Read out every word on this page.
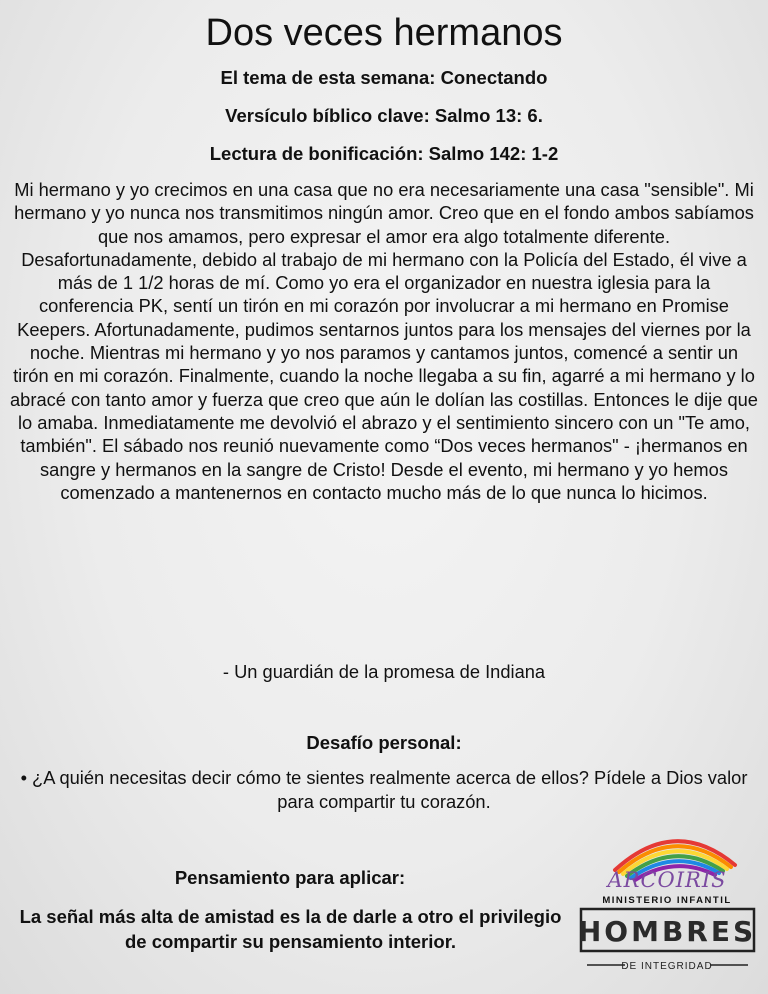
Dos veces hermanos
El tema de esta semana: Conectando
Versículo bíblico clave: Salmo 13: 6.
Lectura de bonificación: Salmo 142: 1-2
Mi hermano y yo crecimos en una casa que no era necesariamente una casa "sensible". Mi hermano y yo nunca nos transmitimos ningún amor. Creo que en el fondo ambos sabíamos que nos amamos, pero expresar el amor era algo totalmente diferente. Desafortunadamente, debido al trabajo de mi hermano con la Policía del Estado, él vive a más de 1 1/2 horas de mí. Como yo era el organizador en nuestra iglesia para la conferencia PK, sentí un tirón en mi corazón por involucrar a mi hermano en Promise Keepers. Afortunadamente, pudimos sentarnos juntos para los mensajes del viernes por la noche. Mientras mi hermano y yo nos paramos y cantamos juntos, comencé a sentir un tirón en mi corazón. Finalmente, cuando la noche llegaba a su fin, agarré a mi hermano y lo abracé con tanto amor y fuerza que creo que aún le dolían las costillas. Entonces le dije que lo amaba. Inmediatamente me devolvió el abrazo y el sentimiento sincero con un "Te amo, también". El sábado nos reunió nuevamente como “Dos veces hermanos" - ¡hermanos en sangre y hermanos en la sangre de Cristo! Desde el evento, mi hermano y yo hemos comenzado a mantenernos en contacto mucho más de lo que nunca lo hicimos.
- Un guardián de la promesa de Indiana
Desafío personal:
• ¿A quién necesitas decir cómo te sientes realmente acerca de ellos? Pídele a Dios valor para compartir tu corazón.
Pensamiento para aplicar:
La señal más alta de amistad es la de darle a otro el privilegio de compartir su pensamiento interior.
ARCOIRIS
MINISTERIO INFANTIL
HOMBRES
DE INTEGRIDAD
